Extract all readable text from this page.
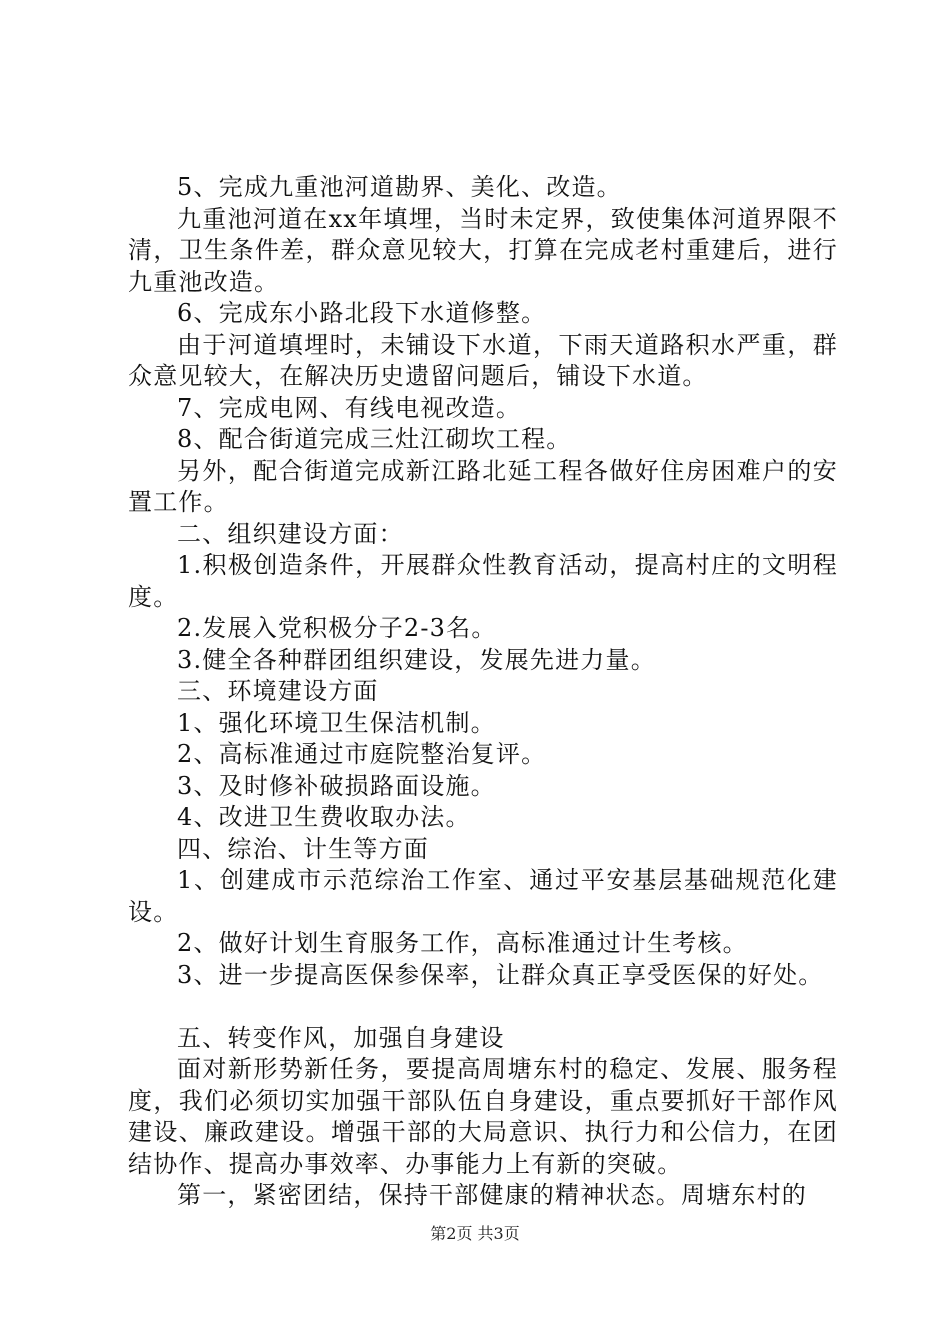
5、完成九重池河道勘界、美化、改造。

九重池河道在xx年填埋，当时未定界，致使集体河道界限不清，卫生条件差，群众意见较大，打算在完成老村重建后，进行九重池改造。

6、完成东小路北段下水道修整。

由于河道填埋时，未铺设下水道，下雨天道路积水严重，群众意见较大，在解决历史遗留问题后，铺设下水道。

7、完成电网、有线电视改造。

8、配合街道完成三灶江砌坎工程。

另外，配合街道完成新江路北延工程各做好住房困难户的安置工作。

二、组织建设方面：

1.积极创造条件，开展群众性教育活动，提高村庄的文明程度。

2.发展入党积极分子2-3名。

3.健全各种群团组织建设，发展先进力量。

三、环境建设方面

1、强化环境卫生保洁机制。

2、高标准通过市庭院整治复评。

3、及时修补破损路面设施。

4、改进卫生费收取办法。

四、综治、计生等方面

1、创建成市示范综治工作室、通过平安基层基础规范化建设。

2、做好计划生育服务工作，高标准通过计生考核。

3、进一步提高医保参保率，让群众真正享受医保的好处。

五、转变作风，加强自身建设

面对新形势新任务，要提高周塘东村的稳定、发展、服务程度，我们必须切实加强干部队伍自身建设，重点要抓好干部作风建设、廉政建设。增强干部的大局意识、执行力和公信力，在团结协作、提高办事效率、办事能力上有新的突破。

第一，紧密团结，保持干部健康的精神状态。周塘东村的

第2页 共3页
